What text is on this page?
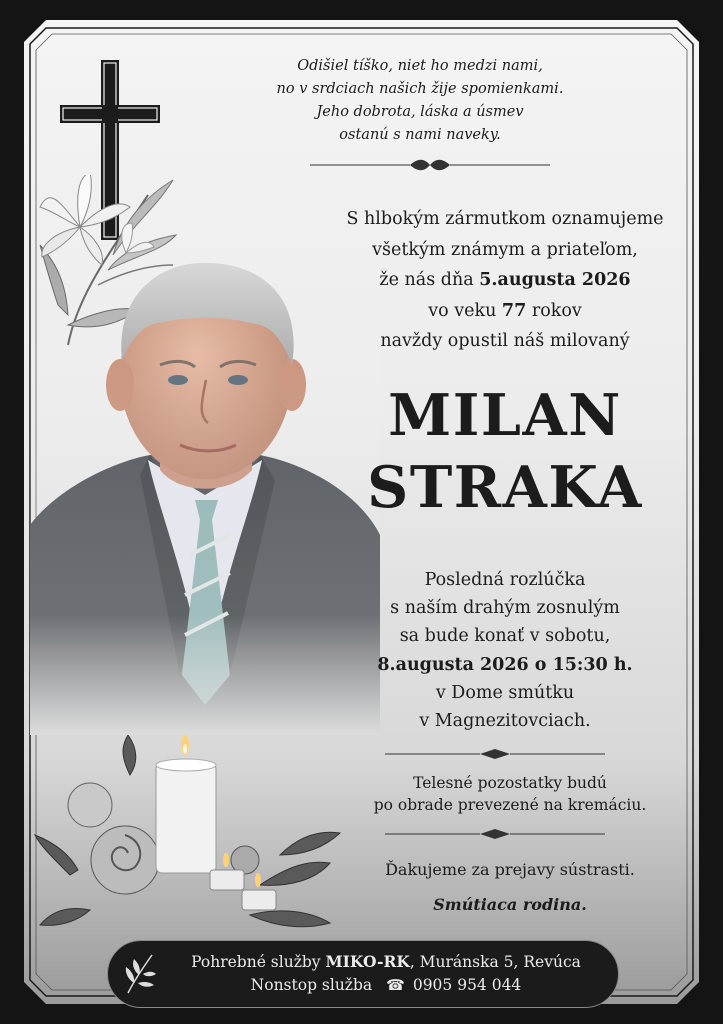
Odišiel tíško, niet ho medzi nami,
no v srdciach našich žije spomienkami.
Jeho dobrota, láska a úsmev
ostanú s nami naveky.
S hlbokým zármutkom oznamujeme
všetkým známym a priateľom,
že nás dňa 5.augusta 2026
vo veku 77 rokov
navždy opustil náš milovaný
MILAN
STRAKA
Posledná rozlúčka
s naším drahým zosnulým
sa bude konať v sobotu,
8.augusta 2026 o 15:30 h.
v Dome smútku
v Magnezitovciach.
Telesné pozostatky budú
po obrade prevezené na kremáciu.
Ďakujeme za prejavy sústrasti.
Smútiaca rodina.
Pohrebné služby MIKO-RK, Muránska 5, Revúca
Nonstop služba ☎ 0905 954 044
